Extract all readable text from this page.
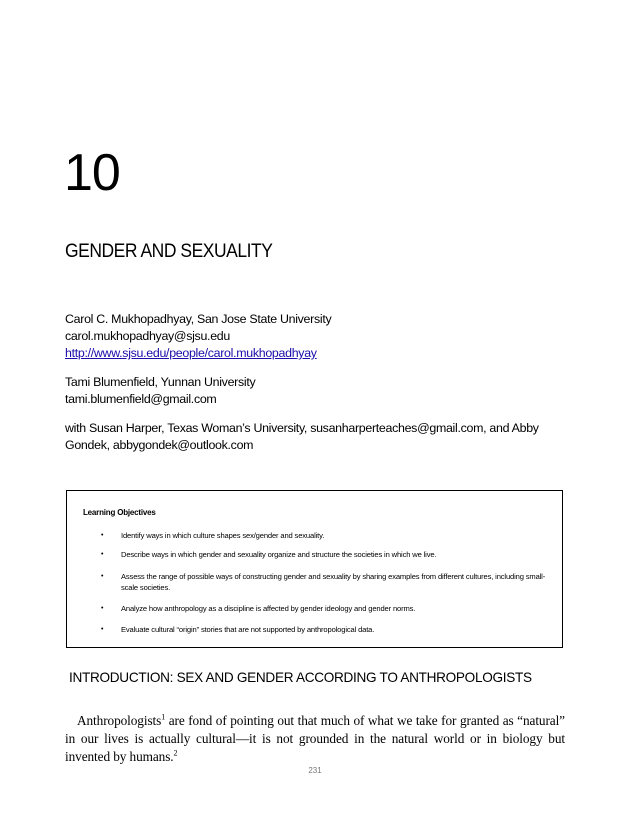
10
GENDER AND SEXUALITY
Carol C. Mukhopadhyay, San Jose State University
carol.mukhopadhyay@sjsu.edu
http://www.sjsu.edu/people/carol.mukhopadhyay
Tami Blumenfield, Yunnan University
tami.blumenfield@gmail.com
with Susan Harper, Texas Woman’s University, susanharperteaches@gmail.com, and Abby Gondek, abbygondek@outlook.com
Learning Objectives
•	Identify ways in which culture shapes sex/gender and sexuality.
•	Describe ways in which gender and sexuality organize and structure the societies in which we live.
•	Assess the range of possible ways of constructing gender and sexuality by sharing examples from different cultures, including small-scale societies.
•	Analyze how anthropology as a discipline is affected by gender ideology and gender norms.
•	Evaluate cultural “origin” stories that are not supported by anthropological data.
INTRODUCTION: SEX AND GENDER ACCORDING TO ANTHROPOLOGISTS

Anthropologists$^1$ are fond of pointing out that much of what we take for granted as “natural” in our lives is actually cultural—it is not grounded in the natural world or in biology but invented by humans.$^2$

231
